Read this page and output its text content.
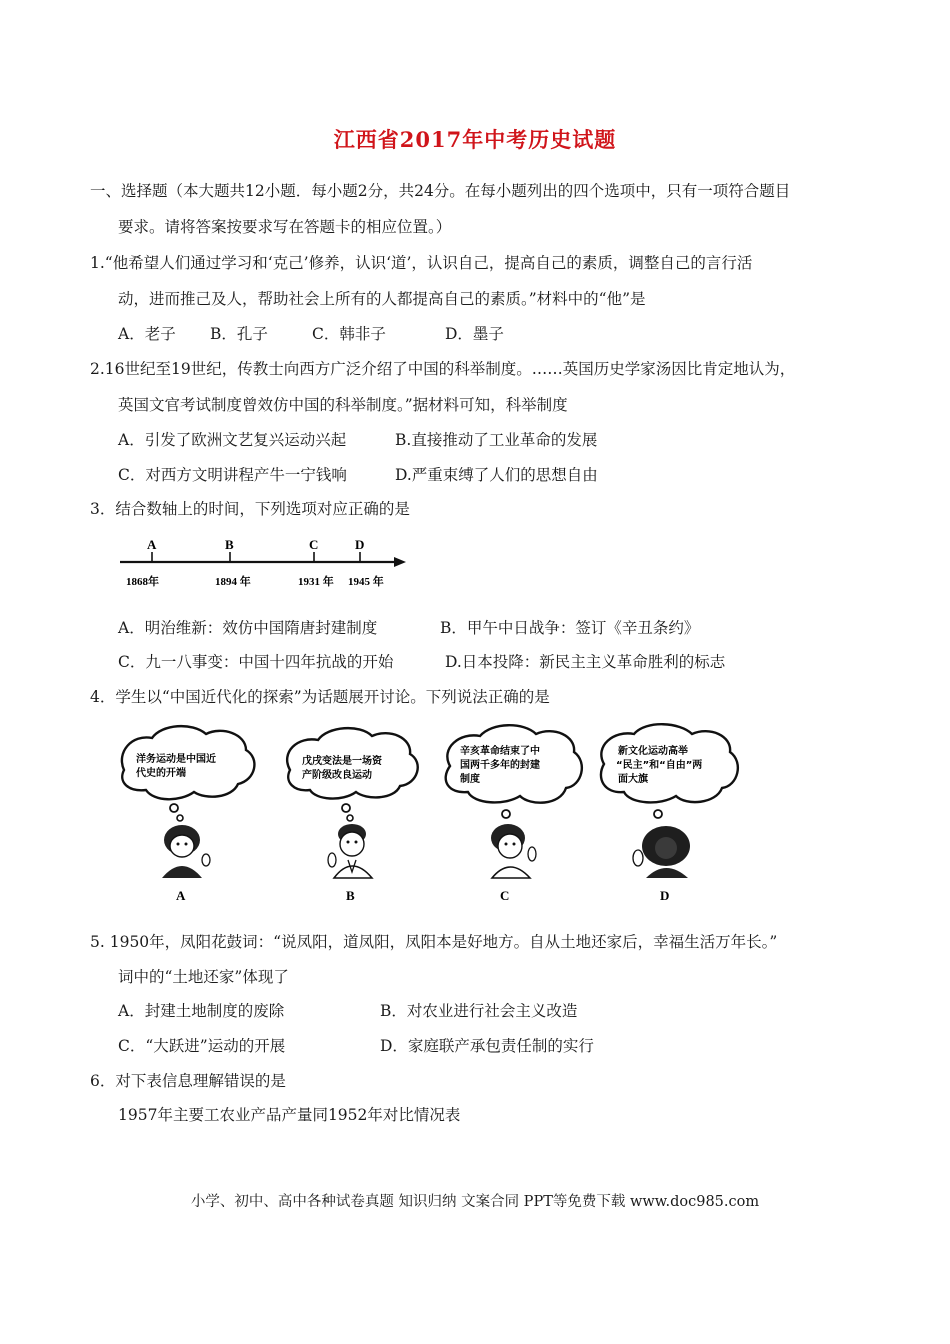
江西省2017年中考历史试题
一、选择题（本大题共12小题．每小题2分，共24分。在每小题列出的四个选项中，只有一项符合题目
要求。请将答案按要求写在答题卡的相应位置。）
1.“他希望人们通过学习和‘克己’修养，认识‘道’，认识自己，提高自己的素质，调整自己的言行活
动，进而推己及人，帮助社会上所有的人都提高自己的素质。”材料中的“他”是
A．老子 B．孔子	C．韩非子	D．墨子
2.16世纪至19世纪，传教士向西方广泛介绍了中国的科举制度。……英国历史学家汤因比肯定地认为，
英国文官考试制度曾效仿中国的科举制度。”据材料可知，科举制度
A．引发了欧洲文艺复兴运动兴起	B.直接推动了工业革命的发展
C．对西方文明讲程产牛一宁钱响	D.严重束缚了人们的思想自由
3．结合数轴上的时间，下列选项对应正确的是
A
1868年
B
1894 年
C
1931 年
D
1945 年
A．明治维新：效仿中国隋唐封建制度	B．甲午中日战争：签订《辛丑条约》
C．九一八事变：中国十四年抗战的开始	D.日本投降：新民主主义革命胜利的标志
4．学生以“中国近代化的探索”为话题展开讨论。下列说法正确的是
洋务运动是中国近
代史的开端
A
戊戌变法是一场资
产阶级改良运动
B
辛亥革命结束了中
国两千多年的封建
制度
C
新文化运动高举
“民主”和“自由”两
面大旗
D
5. 1950年，凤阳花鼓词：“说凤阳，道凤阳，凤阳本是好地方。自从土地还家后，幸福生活万年长。”
词中的“土地还家”体现了
A．封建土地制度的废除	B．对农业进行社会主义改造
C．“大跃进”运动的开展	D．家庭联产承包责任制的实行
6．对下表信息理解错误的是
1957年主要工农业产品产量同1952年对比情况表
小学、初中、高中各种试卷真题 知识归纳 文案合同 PPT等免费下载 www.doc985.com
